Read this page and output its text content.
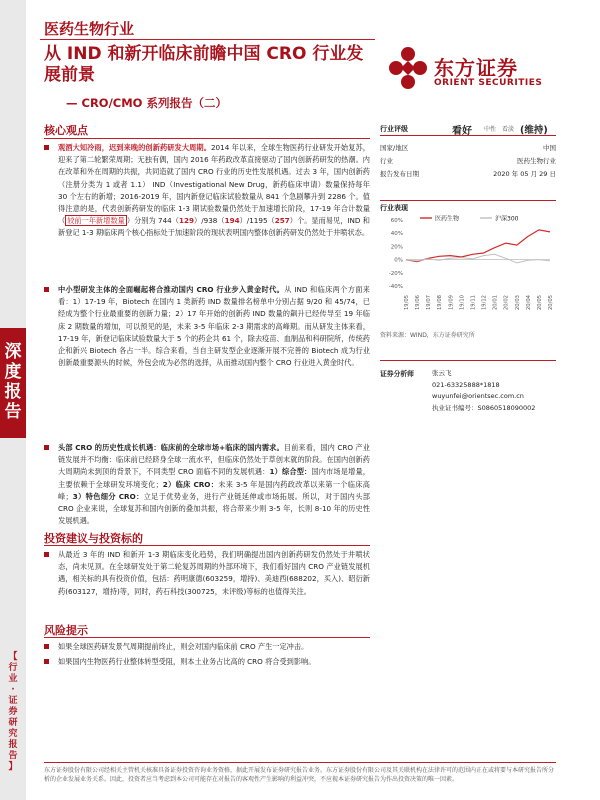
深
度
报
告
【
行
业
·
证
券
研
究
报
告
】
医药生物行业
从 IND 和新开临床前瞻中国 CRO 行业发展前景
— CRO/CMO 系列报告（二）
东方证券
ORIENT SECURITIES
核心观点
观酒大知冷雨，迟到来晚的创新药研发大周期。2014 年以来，全球生物医药行业研发开始复苏，迎来了第二轮繁荣周期；无独有偶，国内 2016 年药政改革直接驱动了国内创新药研发的热潮。内在改革和外在周期的共振，共同造就了国内 CRO 行业的历史性发展机遇。过去 3 年，国内创新药（注册分类为 1 或者 1.1） IND（Investigational New Drug，新药临床申请）数量保持每年 30 个左右的新增；2016-2019 年，国内新登记临床试验数量从 841 个急剧攀升到 2286 个。值得注意的是，代表创新药研发的临床 1-3 期试验数量仍然处于加速增长阶段，17-19 年合计数量（ 较前一年新增数量 ）分别为 744（129）/938（194）/1195（257）个。显而易见，IND 和新登记 1-3 期临床两个核心指标处于加速阶段的现状表明国内整体创新药研发仍然处于井喷状态。
中小型研发主体的全面崛起将合推动国内 CRO 行业步入黄金时代。从 IND 和临床两个方面来看：1）17-19 年，Biotech 在国内 1 类新药 IND 数量排名榜单中分别占据 9/20 和 45/74，已经成为整个行业最重要的创新力量；2）17 年开始的创新药 IND 数量的飙升已经传导至 19 年临床 2 期数量的增加，可以预见的是，未来 3-5 年临床 2-3 期需求的高峰期。而从研发主体来看，17-19 年，新登记临床试验数量大于 5 个的药企共 61 个，除去疫苗、血制品和科研院所，传统药企和新兴 Biotech 各占一半。综合来看，当自主研发型企业逐渐开展不完善的 Biotech 成为行业创新最重要源头的时候，外包会成为必然的选择，从而推动国内整个 CRO 行业进入黄金时代。
头部 CRO 的历史性成长机遇：临床前的全球市场+临床的国内需求。目前来看，国内 CRO 产业链发展并不均衡：临床前已经跻身全球一流水平，但临床仍然处于草创末就的阶段。在国内创新药大周期尚未到顶的背景下，不同类型 CRO 面临不同的发展机遇：1）综合型：国内市场是增量，主要依赖于全球研发环境变化；2）临床 CRO：未来 3-5 年是国内药政改革以来第一个临床高峰；3）特色细分 CRO：立足于优势业务，进行产业链延伸或市场拓展。所以，对于国内头部 CRO 企业来说，全球复苏和国内创新的叠加共振，将合带来少则 3-5 年，长则 8-10 年的历史性发展机遇。
投资建议与投资标的
从最近 3 年的 IND 和新开 1-3 期临床变化趋势，我们明确提出国内创新药研发仍然处于井喷状态，尚未见顶。在全球研发处于第二轮复苏周期的外部环境下，我们看好国内 CRO 产业链发展机遇，相关标的具有投资价值，包括：药明康德(603259，增持)、美迪西(688202，买入)、昭衍新药(603127，增持)等，同时，药石科技(300725，未评级)等标的也值得关注。
风险提示
如果全球医药研发景气周期提前终止，则会对国内临床前 CRO 产生一定冲击。
如果国内生物医药行业整体转型受阻，则本土业务占比高的 CRO 将合受到影响。
行业评级	看好 中性 看淡 (维持)
国家/地区	中国
行业	医药生物行业
报告发布日期	2020 年 05 月 29 日
行业表现
医药生物	沪深300
60%
40%
20%
0%
-20%
-40%
19/05 19/06 19/07 19/08 19/09 19/10 19/11 19/12 20/01 20/02 20/03 20/04 20/05 20/05
资料来源：WIND，东方证券研究所
证券分析师	张云飞
021-63325888*1818
wuyunfei@orientsec.com.cn
执业证书编号：S0860518090002
东方证券股份有限公司经相关主管机关核准具备证券投资咨询业务资格，据此开展发布证券研究报告业务。东方证券股份有限公司及其关联机构在法律许可的范围内正在或将要与本研究报告所分析的企业发展业务关系。因此，投资者应当考虑到本公司可能存在对报告的客观性产生影响的利益冲突，不应视本证券研究报告为作出投资决策的唯一因素。
